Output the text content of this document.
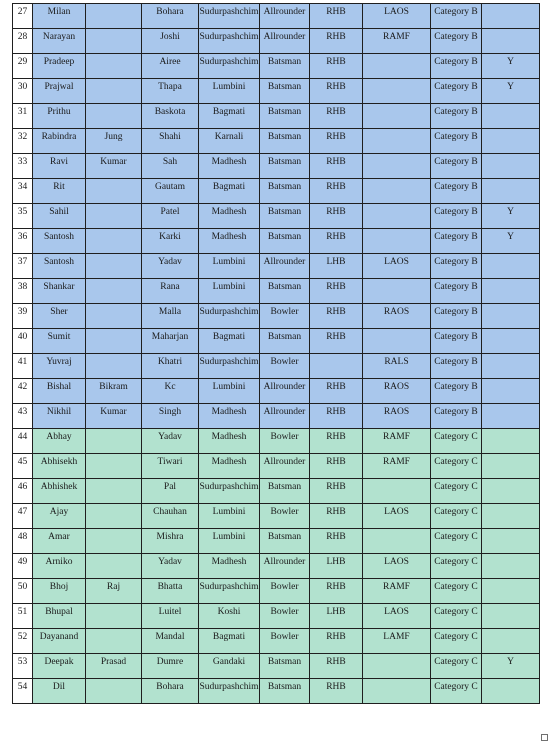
27	Milan		Bohara	Sudurpashchim	Allrounder	RHB	LAOS	Category B	
28	Narayan		Joshi	Sudurpashchim	Allrounder	RHB	RAMF	Category B	
29	Pradeep		Airee	Sudurpashchim	Batsman	RHB		Category B	Y
30	Prajwal		Thapa	Lumbini	Batsman	RHB		Category B	Y
31	Prithu		Baskota	Bagmati	Batsman	RHB		Category B	
32	Rabindra	Jung	Shahi	Karnali	Batsman	RHB		Category B	
33	Ravi	Kumar	Sah	Madhesh	Batsman	RHB		Category B	
34	Rit		Gautam	Bagmati	Batsman	RHB		Category B	
35	Sahil		Patel	Madhesh	Batsman	RHB		Category B	Y
36	Santosh		Karki	Madhesh	Batsman	RHB		Category B	Y
37	Santosh		Yadav	Lumbini	Allrounder	LHB	LAOS	Category B	
38	Shankar		Rana	Lumbini	Batsman	RHB		Category B	
39	Sher		Malla	Sudurpashchim	Bowler	RHB	RAOS	Category B	
40	Sumit		Maharjan	Bagmati	Batsman	RHB		Category B	
41	Yuvraj		Khatri	Sudurpashchim	Bowler		RALS	Category B	
42	Bishal	Bikram	Kc	Lumbini	Allrounder	RHB	RAOS	Category B	
43	Nikhil	Kumar	Singh	Madhesh	Allrounder	RHB	RAOS	Category B	
44	Abhay		Yadav	Madhesh	Bowler	RHB	RAMF	Category C	
45	Abhisekh		Tiwari	Madhesh	Allrounder	RHB	RAMF	Category C	
46	Abhishek		Pal	Sudurpashchim	Batsman	RHB		Category C	
47	Ajay		Chauhan	Lumbini	Bowler	RHB	LAOS	Category C	
48	Amar		Mishra	Lumbini	Batsman	RHB		Category C	
49	Arniko		Yadav	Madhesh	Allrounder	LHB	LAOS	Category C	
50	Bhoj	Raj	Bhatta	Sudurpashchim	Bowler	RHB	RAMF	Category C	
51	Bhupal		Luitel	Koshi	Bowler	LHB	LAOS	Category C	
52	Dayanand		Mandal	Bagmati	Bowler	RHB	LAMF	Category C	
53	Deepak	Prasad	Dumre	Gandaki	Batsman	RHB		Category C	Y
54	Dil		Bohara	Sudurpashchim	Batsman	RHB		Category C	
